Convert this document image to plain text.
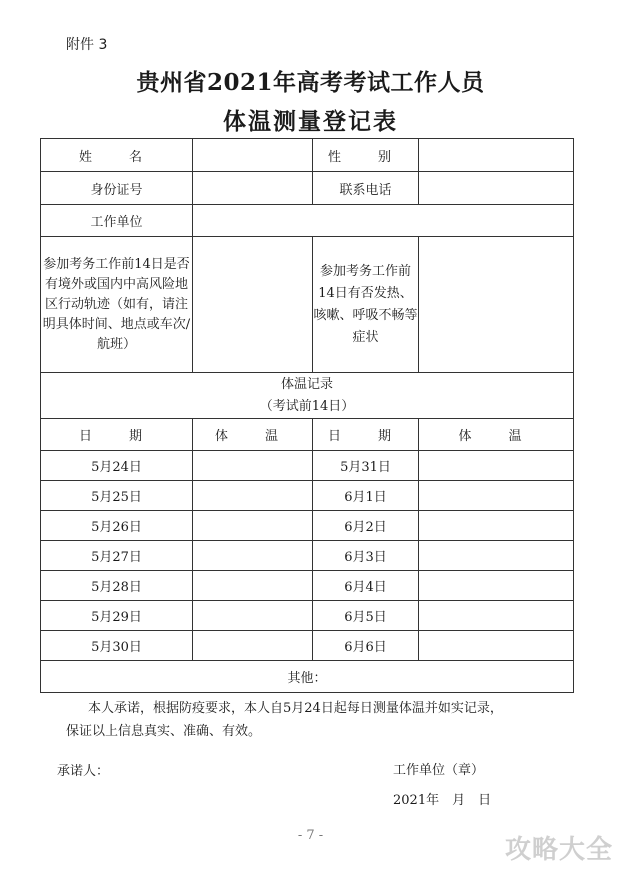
附件 3
贵州省2021年高考考试工作人员
体温测量登记表
姓　名		性　别	
身份证号		联系电话	
工作单位			
参加考务工作前14日是否有境外或国内中高风险地区行动轨迹（如有，请注明具体时间、地点或车次/航班）		参加考务工作前14日有否发热、咳嗽、呼吸不畅等症状	

体温记录
（考试前14日）			

日　期	体　温	日　期	体　温
5月24日		5月31日	
5月25日		6月1日	
5月26日		6月2日	
5月27日		6月3日	
5月28日		6月4日	
5月29日		6月5日	
5月30日		6月6日	
其他：			
本人承诺，根据防疫要求，本人自5月24日起每日测量体温并如实记录，
保证以上信息真实、准确、有效。
承诺人：	工作单位（章）
2021年　月　日
- 7 -	攻略大全
